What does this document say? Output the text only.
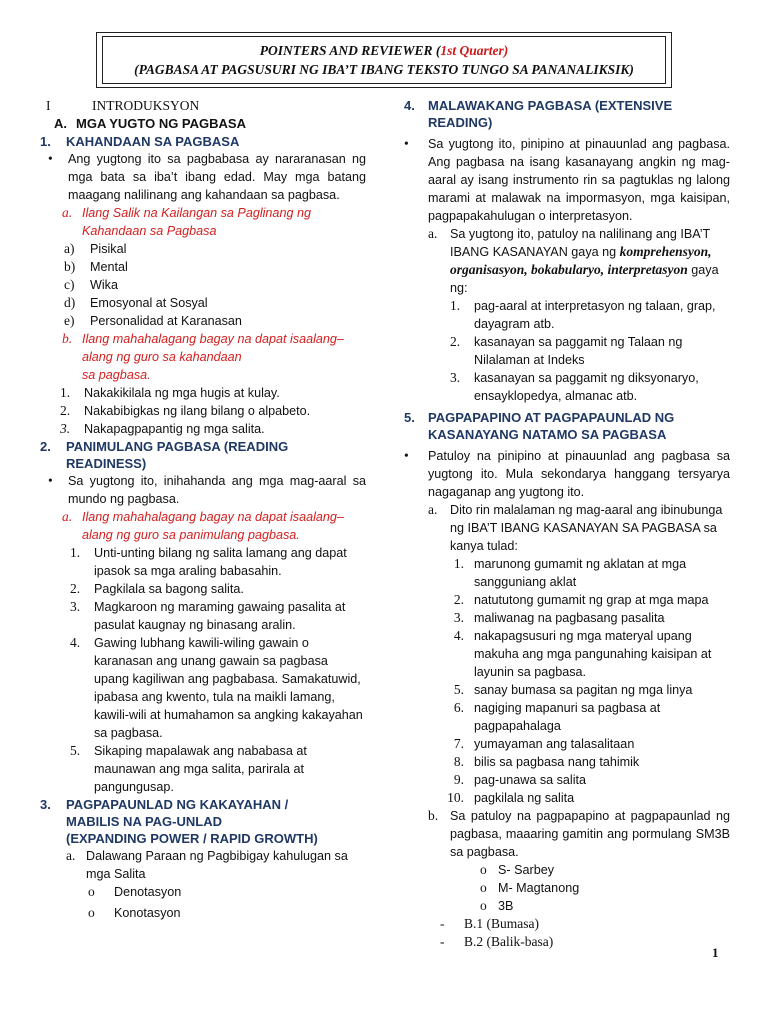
POINTERS AND REVIEWER (1st Quarter)
(PAGBASA AT PAGSUSURI NG IBA’T IBANG TEKSTO TUNGO SA PANANALIKSIK)
I	INTRODUKSYON
A. MGA YUGTO NG PAGBASA
1.	KAHANDAAN SA PAGBASA
•	Ang yugtong ito sa pagbabasa ay nararanasan ng mga bata sa iba’t ibang edad. May mga batang maagang nalilinang ang kahandaan sa pagbasa.
a. Ilang Salik na Kailangan sa Paglinang ng Kahandaan sa Pagbasa
a)	Pisikal
b)	Mental
c)	Wika
d)	Emosyonal at Sosyal
e)	Personalidad at Karanasan
b. Ilang mahahalagang bagay na dapat isaalang–alang ng guro sa kahandaan
sa pagbasa.
1.	Nakakikilala ng mga hugis at kulay.
2.	Nakabibigkas ng ilang bilang o alpabeto.
3.	Nakapagpapantig ng mga salita.
2.	PANIMULANG PAGBASA (READING READINESS)
•	Sa yugtong ito, inihahanda ang mga mag-aaral sa mundo ng pagbasa.
a. Ilang mahahalagang bagay na dapat isaalang–alang ng guro sa panimulang pagbasa.
1.	Unti-unting bilang ng salita lamang ang dapat ipasok sa mga araling babasahin.
2.	Pagkilala sa bagong salita.
3.	Magkaroon ng maraming gawaing pasalita at pasulat kaugnay ng binasang aralin.
4.	Gawing lubhang kawili-wiling gawain o karanasan ang unang gawain sa pagbasa upang kagiliwan ang pagbabasa. Samakatuwid, ipabasa ang kwento, tula na maikli lamang, kawili-wili at humahamon sa angking kakayahan sa pagbasa.
5.	Sikaping mapalawak ang nababasa at maunawan ang mga salita, parirala at pangungusap.
3.	PAGPAPAUNLAD NG KAKAYAHAN /
MABILIS NA PAG-UNLAD
(EXPANDING POWER / RAPID GROWTH)
a. Dalawang Paraan ng Pagbibigay kahulugan sa mga Salita
o	Denotasyon
o	Konotasyon
4.	MALAWAKANG PAGBASA (EXTENSIVE READING)
•	Sa yugtong ito, pinipino at pinauunlad ang pagbasa. Ang pagbasa na isang kasanayang angkin ng mag-aaral ay isang instrumento rin sa pagtuklas ng lalong marami at malawak na impormasyon, mga kaisipan, pagpapakahulugan o interpretasyon.
a.	Sa yugtong ito, patuloy na nalilinang ang IBA’T IBANG KASANAYAN gaya ng komprehensyon, organisasyon, bokabularyo, interpretasyon gaya ng:
1.	pag-aaral at interpretasyon ng talaan, grap, dayagram atb.
2.	kasanayan sa paggamit ng Talaan ng Nilalaman at Indeks
3.	kasanayan sa paggamit ng diksyonaryo, ensayklopedya, almanac atb.
5.	PAGPAPAPINO AT PAGPAPAUNLAD NG KASANAYANG NATAMO SA PAGBASA
•	Patuloy na pinipino at pinauunlad ang pagbasa sa yugtong ito. Mula sekondarya hanggang tersyarya nagaganap ang yugtong ito.
a.	Dito rin malalaman ng mag-aaral ang ibinubunga ng IBA’T IBANG KASANAYAN SA PAGBASA sa kanya tulad:
1. marunong gumamit ng aklatan at mga sangguniang aklat
2. natututong gumamit ng grap at mga mapa
3. maliwanag na pagbasang pasalita
4. nakapagsusuri ng mga materyal upang makuha ang mga pangunahing kaisipan at layunin sa pagbasa.
5. sanay bumasa sa pagitan ng mga linya
6. nagiging mapanuri sa pagbasa at pagpapahalaga
7. yumayaman ang talasalitaan
8. bilis sa pagbasa nang tahimik
9. pag-unawa sa salita
10. pagkilala ng salita
b. Sa patuloy na pagpapapino at pagpapaunlad ng pagbasa, maaaring gamitin ang pormulang SM3B sa pagbasa.
o S- Sarbey
o M- Magtanong
o 3B
-	B.1 (Bumasa)
-	B.2 (Balik-basa)
1
